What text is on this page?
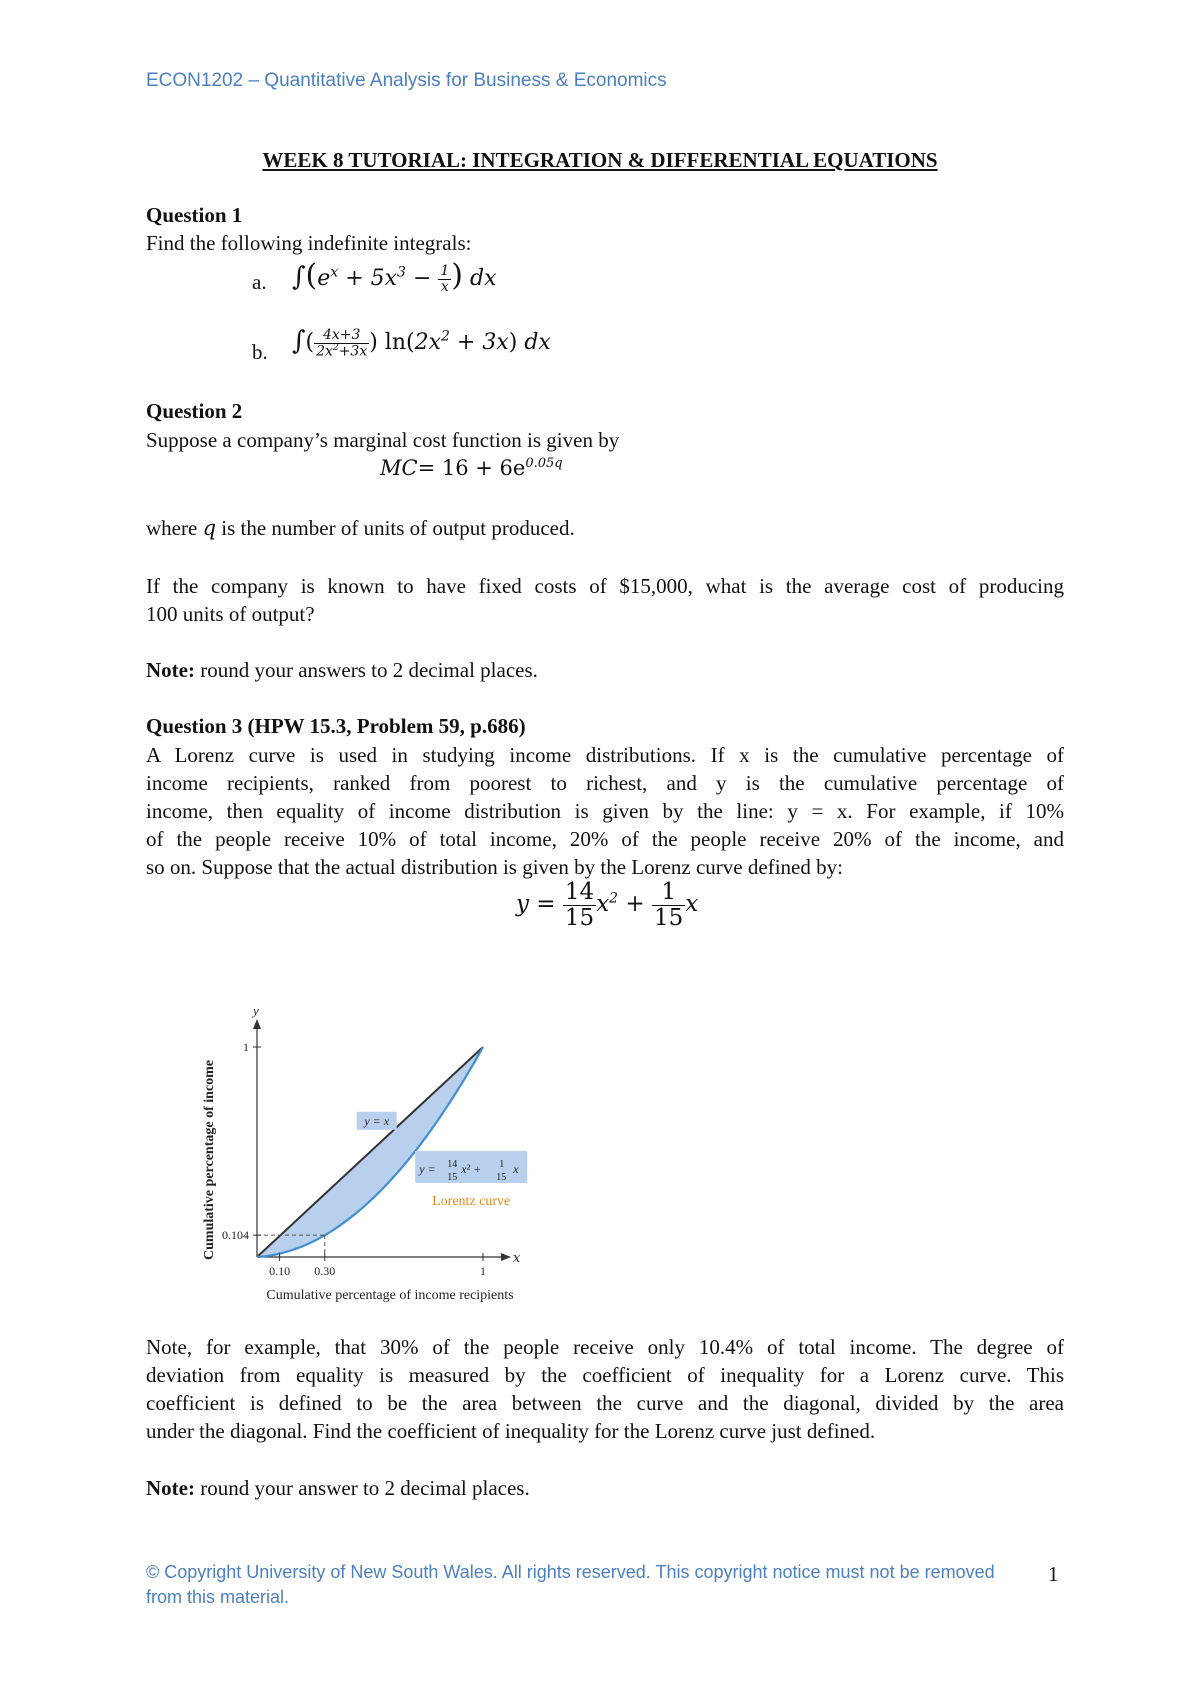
ECON1202 – Quantitative Analysis for Business & Economics
WEEK 8 TUTORIAL: INTEGRATION & DIFFERENTIAL EQUATIONS
Question 1
Find the following indefinite integrals:
a. $\int(e^x + 5x^3 - \frac{1}{x}$ ) dx
b. ∫( $\frac{4x+3}{2x^2+3x}$ ) $\ln(2x^2 + 3x)$ dx
Question 2
Suppose a company’s marginal cost function is given by
$MC= 16 + 6e^{0.05q}$
where q is the number of units of output produced.
If the company is known to have fixed costs of $15,000, what is the average cost of producing
100 units of output?
Note: round your answers to 2 decimal places.
Question 3 (HPW 15.3, Problem 59, p.686)
A Lorenz curve is used in studying income distributions. If x is the cumulative percentage of
income recipients, ranked from poorest to richest, and y is the cumulative percentage of
income, then equality of income distribution is given by the line: y = x. For example, if 10%
of the people receive 10% of total income, 20% of the people receive 20% of the income, and
so on. Suppose that the actual distribution is given by the Lorenz curve defined by:
$y = \frac{14}{15} x^2 + \frac{1}{15}$ x
0.10 0.30	1
0.104
1
x
y
Cumulative percentage of income recipients
Cumulative percentage of income	y = x
y = 14 15x² + 1 15x
Lorentz curve
Note, for example, that 30% of the people receive only 10.4% of total income. The degree of
deviation from equality is measured by the coefficient of inequality for a Lorenz curve. This
coefficient is defined to be the area between the curve and the diagonal, divided by the area
under the diagonal. Find the coefficient of inequality for the Lorenz curve just defined.
Note: round your answer to 2 decimal places.
© Copyright University of New South Wales. All rights reserved. This copyright notice must not be removed from this material.
1
